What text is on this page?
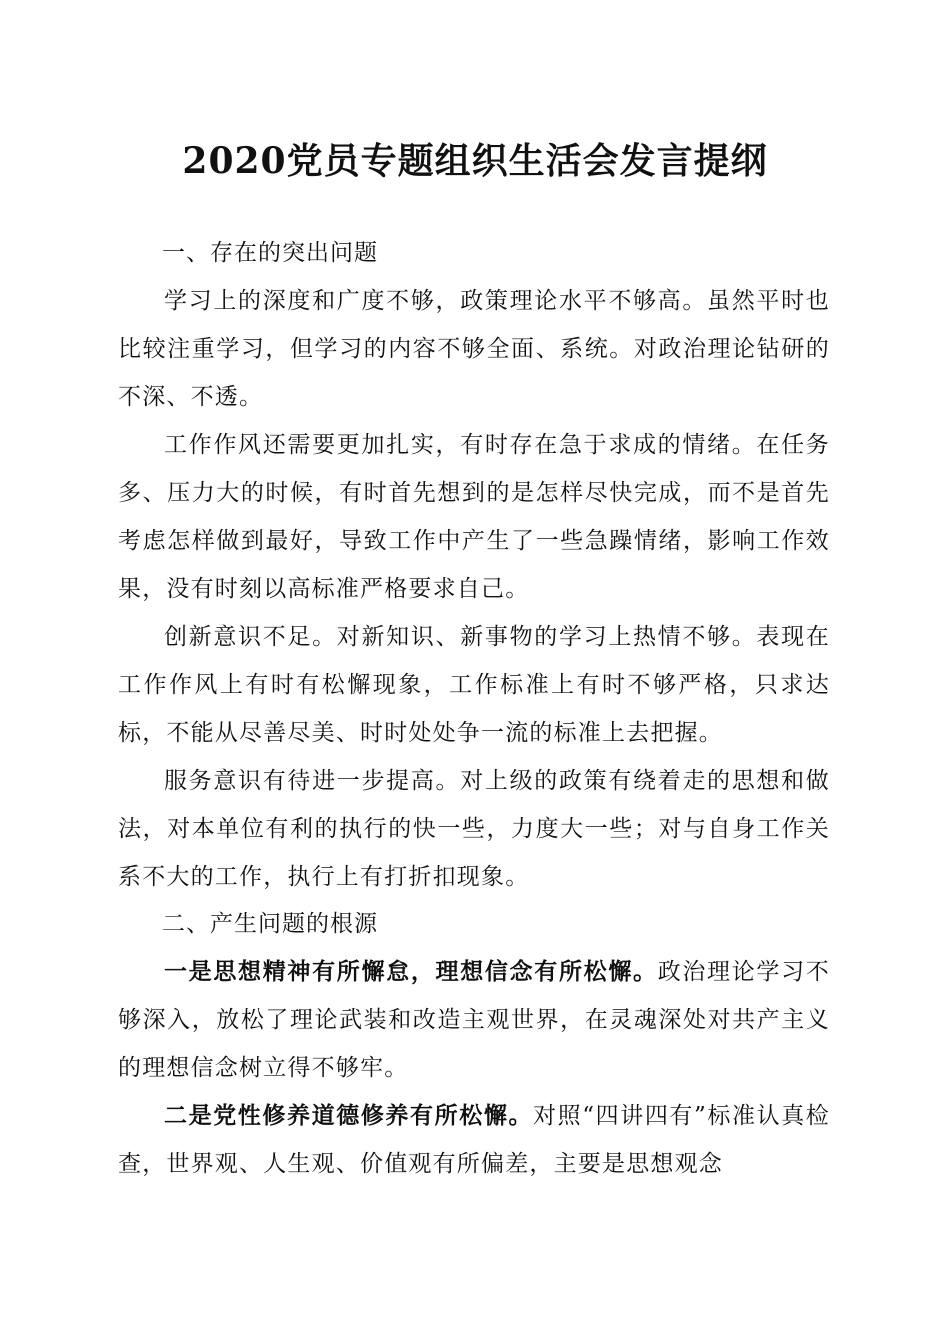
2020党员专题组织生活会发言提纲
一、存在的突出问题

学习上的深度和广度不够，政策理论水平不够高。虽然平时也比较注重学习，但学习的内容不够全面、系统。对政治理论钻研的不深、不透。

工作作风还需要更加扎实，有时存在急于求成的情绪。在任务多、压力大的时候，有时首先想到的是怎样尽快完成，而不是首先考虑怎样做到最好，导致工作中产生了一些急躁情绪，影响工作效果，没有时刻以高标准严格要求自己。

创新意识不足。对新知识、新事物的学习上热情不够。表现在工作作风上有时有松懈现象，工作标准上有时不够严格，只求达标，不能从尽善尽美、时时处处争一流的标准上去把握。

服务意识有待进一步提高。对上级的政策有绕着走的思想和做法，对本单位有利的执行的快一些，力度大一些；对与自身工作关系不大的工作，执行上有打折扣现象。

二、产生问题的根源

一是思想精神有所懈怠，理想信念有所松懈。政治理论学习不够深入，放松了理论武装和改造主观世界，在灵魂深处对共产主义的理想信念树立得不够牢。

二是党性修养道德修养有所松懈。对照“四讲四有”标准认真检查，世界观、人生观、价值观有所偏差，主要是思想观念
